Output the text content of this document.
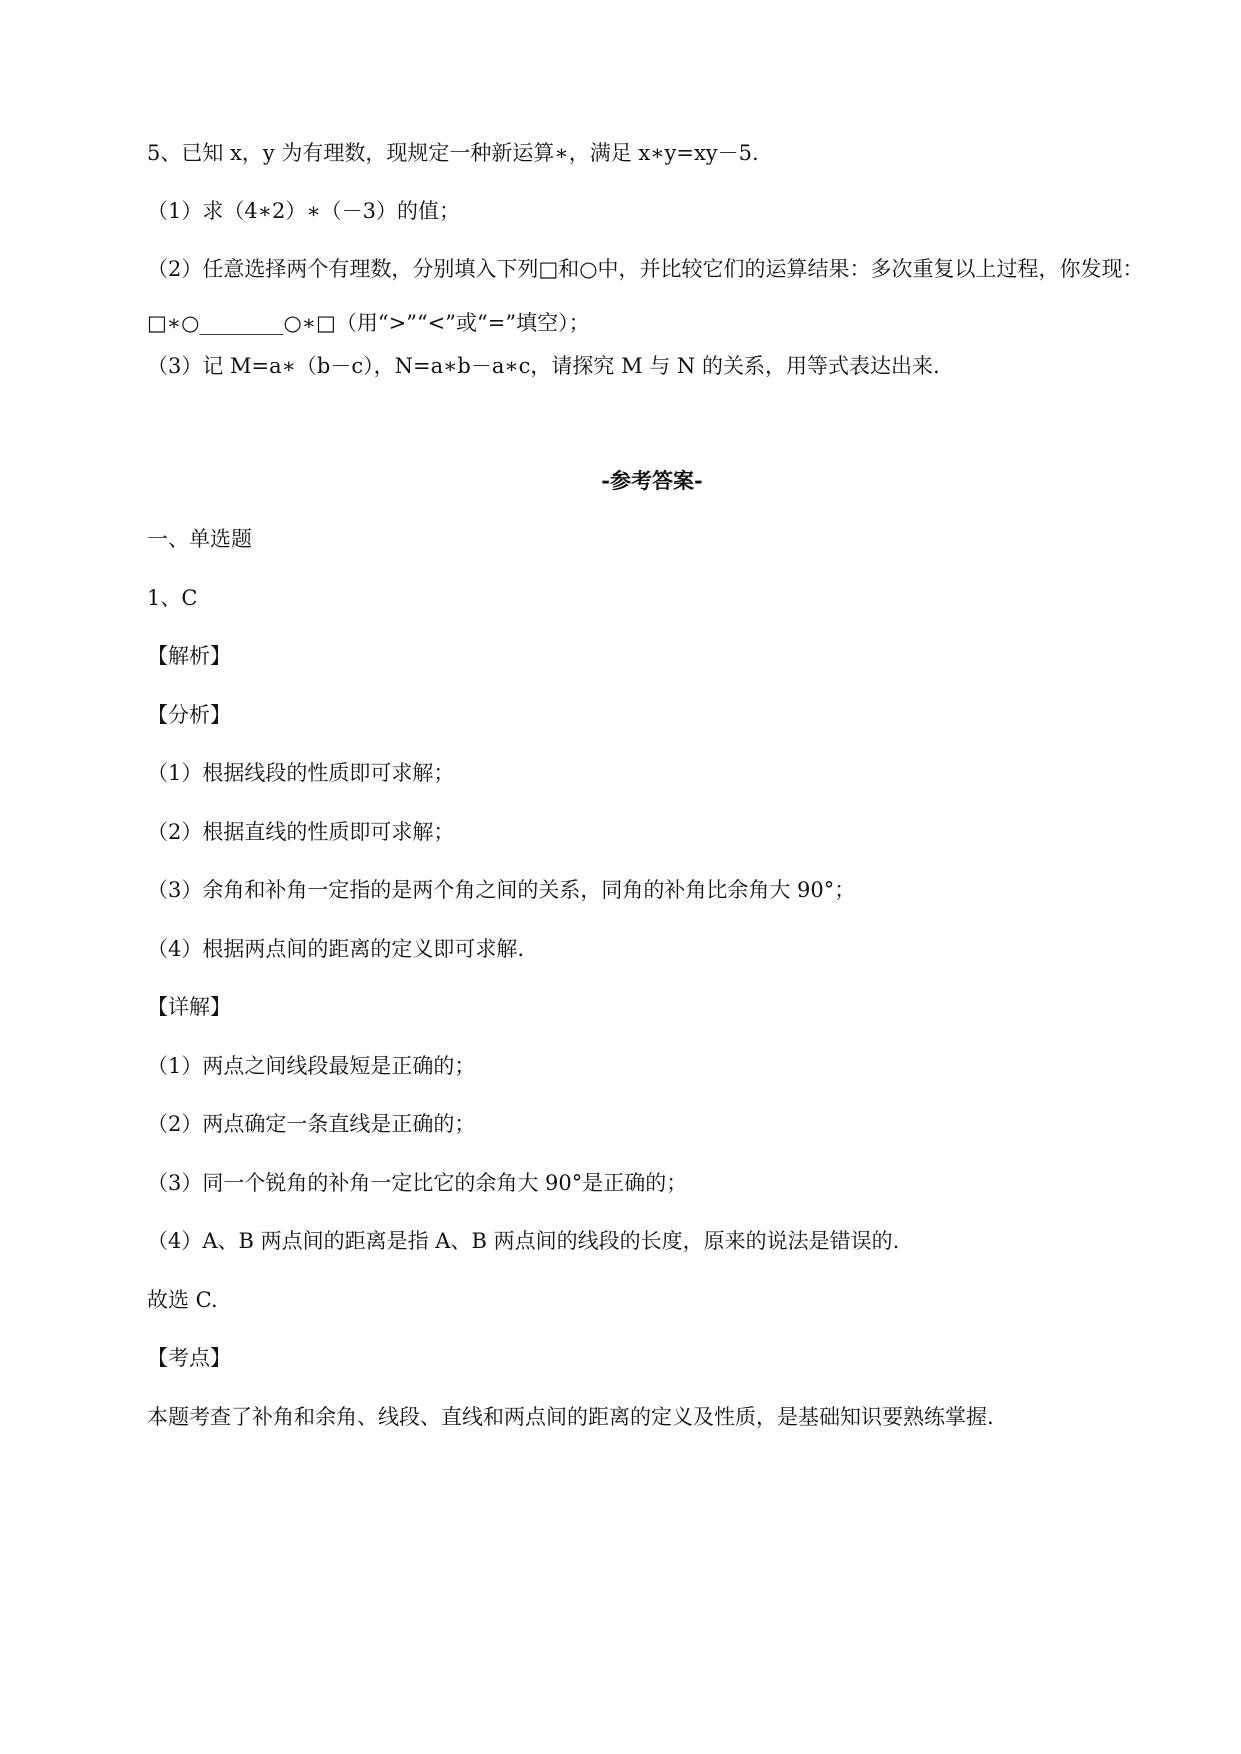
5、已知 x，y 为有理数，现规定一种新运算∗，满足 x∗y=xy－5.
（1）求（4∗2）∗（－3）的值；
（2）任意选择两个有理数，分别填入下列□和○中，并比较它们的运算结果：多次重复以上过程，你发现：□∗○________○∗□（用“>”“<”或“=”填空）；
（3）记 M=a∗（b－c），N=a∗b－a∗c，请探究 M 与 N 的关系，用等式表达出来.
-参考答案-
一、单选题
1、C
【解析】
【分析】
（1）根据线段的性质即可求解；
（2）根据直线的性质即可求解；
（3）余角和补角一定指的是两个角之间的关系，同角的补角比余角大 90°；
（4）根据两点间的距离的定义即可求解.
【详解】
（1）两点之间线段最短是正确的；
（2）两点确定一条直线是正确的；
（3）同一个锐角的补角一定比它的余角大 90°是正确的；
（4）A、B 两点间的距离是指 A、B 两点间的线段的长度，原来的说法是错误的.
故选 C.
【考点】
本题考查了补角和余角、线段、直线和两点间的距离的定义及性质，是基础知识要熟练掌握.
